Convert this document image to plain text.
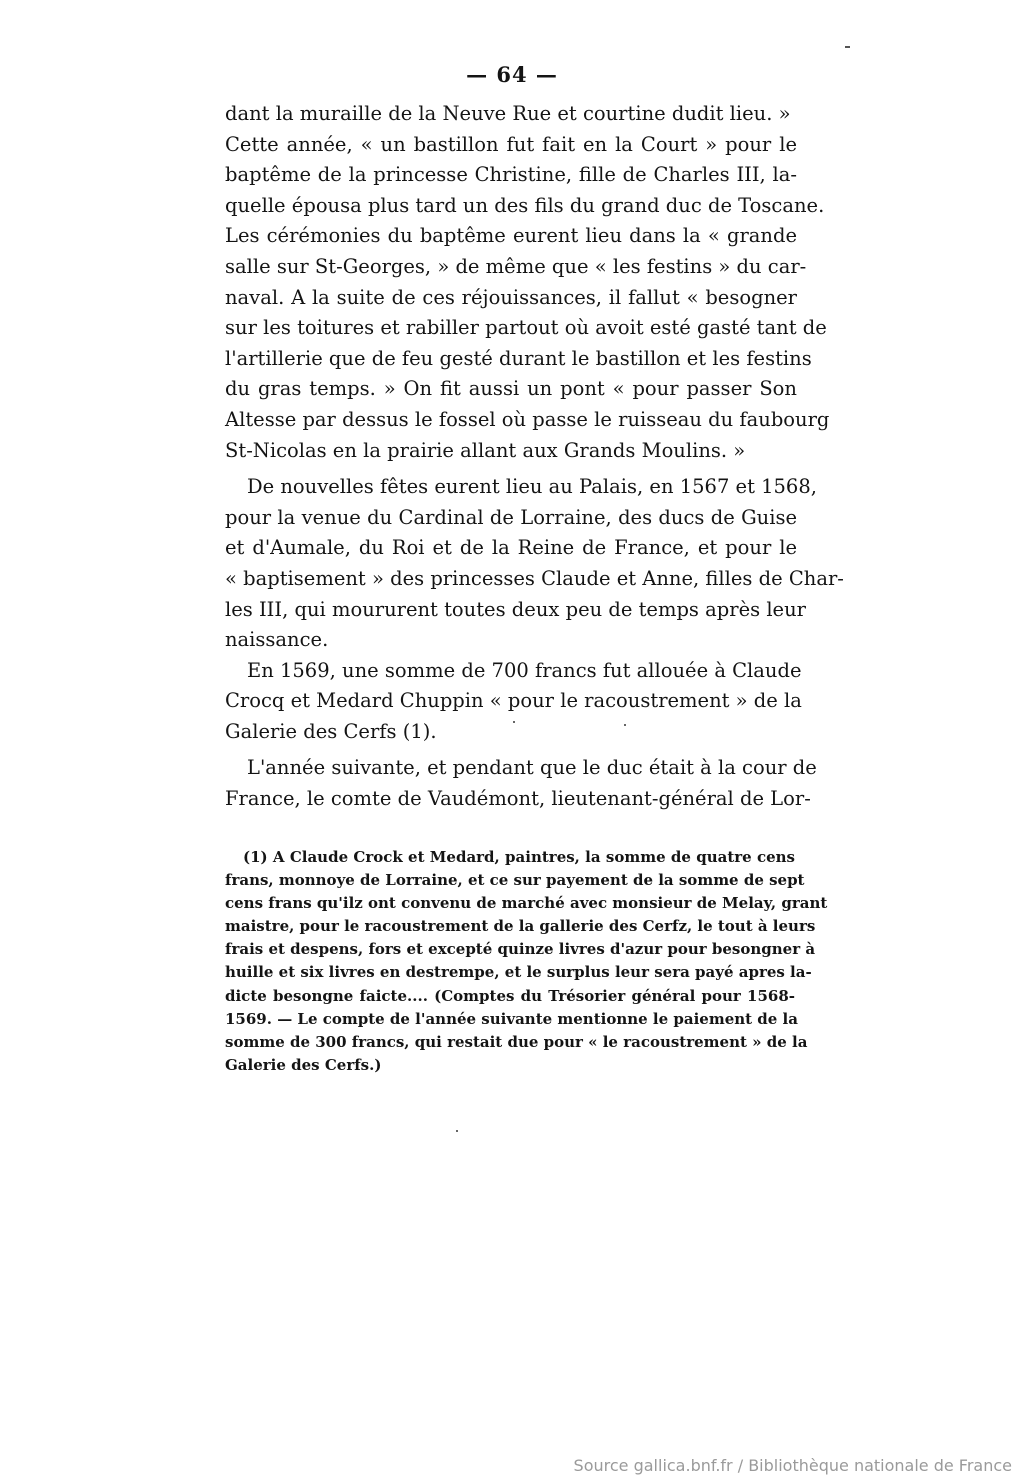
— 64 —
dant la muraille de la Neuve Rue et courtine dudit lieu. »
Cette année, « un bastillon fut fait en la Court » pour le
baptême de la princesse Christine, fille de Charles III, la-
quelle épousa plus tard un des fils du grand duc de Toscane.
Les cérémonies du baptême eurent lieu dans la « grande
salle sur St-Georges, » de même que « les festins » du car-
naval. A la suite de ces réjouissances, il fallut « besogner
sur les toitures et rabiller partout où avoit esté gasté tant de
l'artillerie que de feu gesté durant le bastillon et les festins
du gras temps. » On fit aussi un pont « pour passer Son
Altesse par dessus le fossel où passe le ruisseau du faubourg
St-Nicolas en la prairie allant aux Grands Moulins. »
De nouvelles fêtes eurent lieu au Palais, en 1567 et 1568,
pour la venue du Cardinal de Lorraine, des ducs de Guise
et d'Aumale, du Roi et de la Reine de France, et pour le
« baptisement » des princesses Claude et Anne, filles de Char-
les III, qui moururent toutes deux peu de temps après leur
naissance.
En 1569, une somme de 700 francs fut allouée à Claude
Crocq et Medard Chuppin « pour le racoustrement » de la
Galerie des Cerfs (1).
L'année suivante, et pendant que le duc était à la cour de
France, le comte de Vaudémont, lieutenant-général de Lor-
(1) A Claude Crock et Medard, paintres, la somme de quatre cens
frans, monnoye de Lorraine, et ce sur payement de la somme de sept
cens frans qu'ilz ont convenu de marché avec monsieur de Melay, grant
maistre, pour le racoustrement de la gallerie des Cerfz, le tout à leurs
frais et despens, fors et excepté quinze livres d'azur pour besongner à
huille et six livres en destrempe, et le surplus leur sera payé apres la-
dicte besongne faicte.... (Comptes du Trésorier général pour 1568-
1569. — Le compte de l'année suivante mentionne le paiement de la
somme de 300 francs, qui restait due pour « le racoustrement » de la
Galerie des Cerfs.)
Source gallica.bnf.fr / Bibliothèque nationale de France
